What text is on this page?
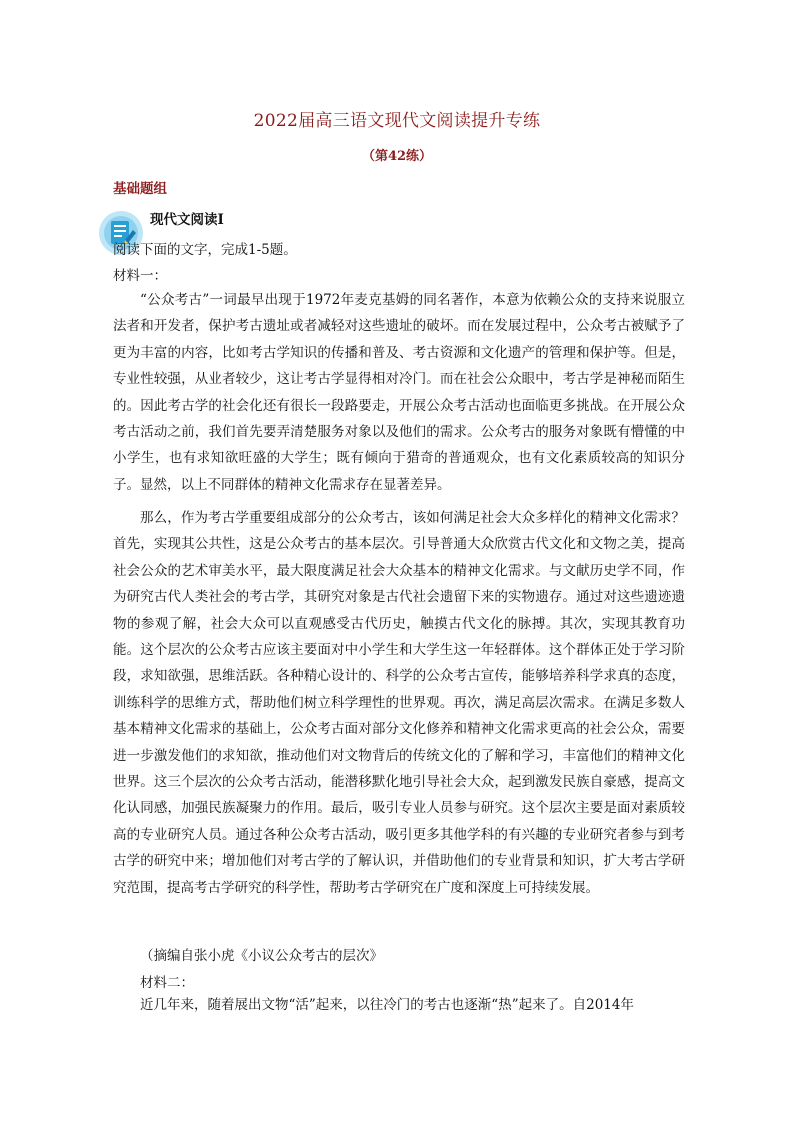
2022届高三语文现代文阅读提升专练
（第42练）
基础题组
现代文阅读Ⅰ
阅读下面的文字，完成1-5题。
材料一：

“公众考古”一词最早出现于1972年麦克基姆的同名著作，本意为依赖公众的支持来说服立法者和开发者，保护考古遗址或者减轻对这些遗址的破坏。而在发展过程中，公众考古被赋予了更为丰富的内容，比如考古学知识的传播和普及、考古资源和文化遗产的管理和保护等。但是，专业性较强，从业者较少，这让考古学显得相对冷门。而在社会公众眼中，考古学是神秘而陌生的。因此考古学的社会化还有很长一段路要走，开展公众考古活动也面临更多挑战。在开展公众考古活动之前，我们首先要弄清楚服务对象以及他们的需求。公众考古的服务对象既有懵懂的中小学生，也有求知欲旺盛的大学生；既有倾向于猎奇的普通观众，也有文化素质较高的知识分子。显然，以上不同群体的精神文化需求存在显著差异。

那么，作为考古学重要组成部分的公众考古，该如何满足社会大众多样化的精神文化需求？首先，实现其公共性，这是公众考古的基本层次。引导普通大众欣赏古代文化和文物之美，提高社会公众的艺术审美水平，最大限度满足社会大众基本的精神文化需求。与文献历史学不同，作为研究古代人类社会的考古学，其研究对象是古代社会遗留下来的实物遗存。通过对这些遗迹遗物的参观了解，社会大众可以直观感受古代历史，触摸古代文化的脉搏。其次，实现其教育功能。这个层次的公众考古应该主要面对中小学生和大学生这一年轻群体。这个群体正处于学习阶段，求知欲强，思维活跃。各种精心设计的、科学的公众考古宣传，能够培养科学求真的态度，训练科学的思维方式，帮助他们树立科学理性的世界观。再次，满足高层次需求。在满足多数人基本精神文化需求的基础上，公众考古面对部分文化修养和精神文化需求更高的社会公众，需要进一步激发他们的求知欲，推动他们对文物背后的传统文化的了解和学习，丰富他们的精神文化世界。这三个层次的公众考古活动，能潜移默化地引导社会大众，起到激发民族自豪感，提高文化认同感，加强民族凝聚力的作用。最后，吸引专业人员参与研究。这个层次主要是面对素质较高的专业研究人员。通过各种公众考古活动，吸引更多其他学科的有兴趣的专业研究者参与到考古学的研究中来；增加他们对考古学的了解认识，并借助他们的专业背景和知识，扩大考古学研究范围，提高考古学研究的科学性，帮助考古学研究在广度和深度上可持续发展。

（摘编自张小虎《小议公众考古的层次》
材料二：

近几年来，随着展出文物“活”起来，以往冷门的考古也逐渐“热”起来了。自2014年
